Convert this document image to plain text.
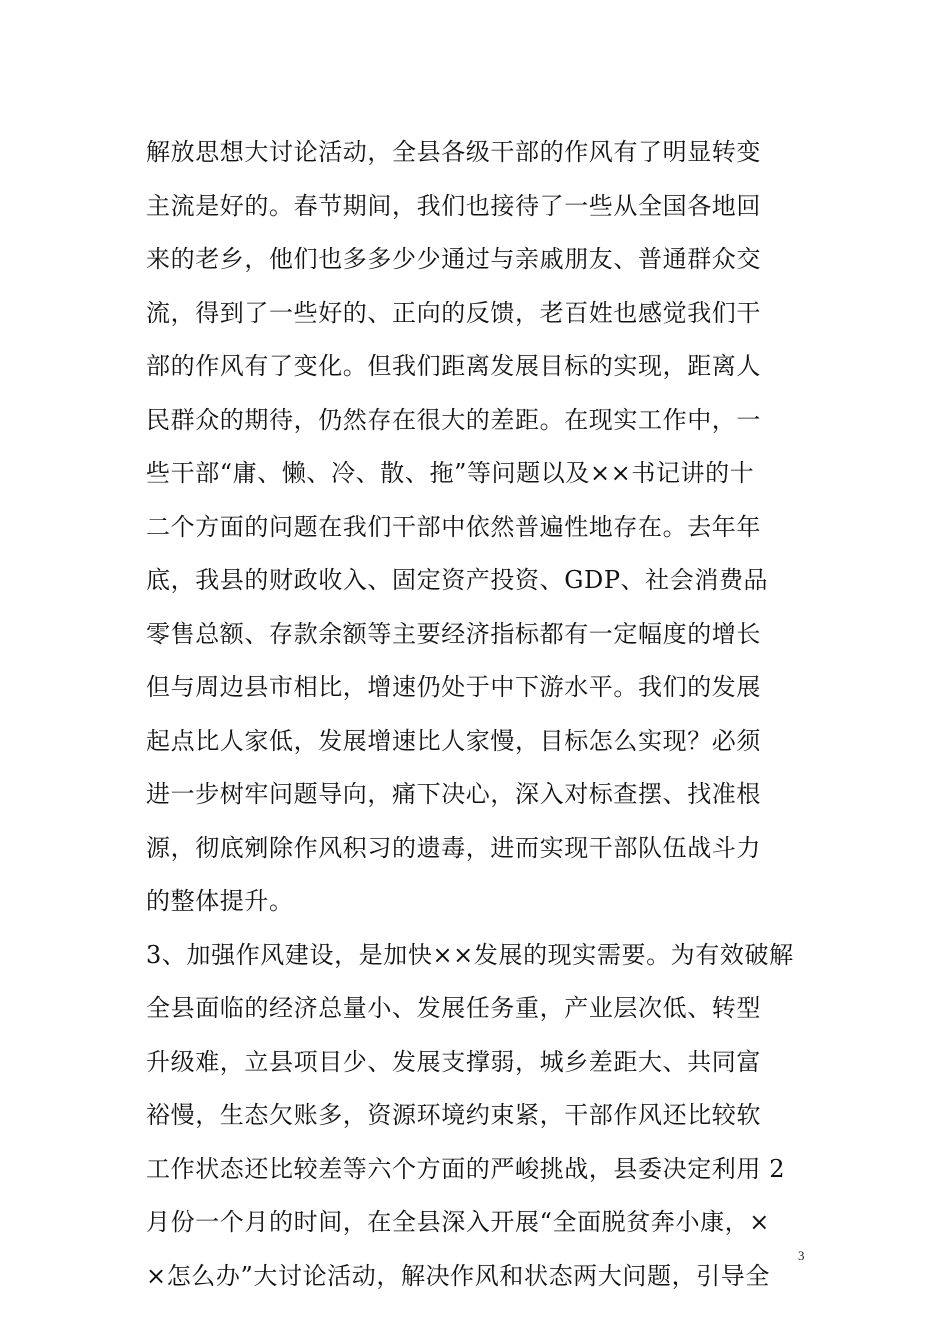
解放思想大讨论活动，全县各级干部的作风有了明显转变
主流是好的。春节期间，我们也接待了一些从全国各地回
来的老乡，他们也多多少少通过与亲戚朋友、普通群众交
流，得到了一些好的、正向的反馈，老百姓也感觉我们干
部的作风有了变化。但我们距离发展目标的实现，距离人
民群众的期待，仍然存在很大的差距。在现实工作中，一
些干部“庸、懒、冷、散、拖”等问题以及××书记讲的十
二个方面的问题在我们干部中依然普遍性地存在。去年年
底，我县的财政收入、固定资产投资、GDP、社会消费品
零售总额、存款余额等主要经济指标都有一定幅度的增长
但与周边县市相比，增速仍处于中下游水平。我们的发展
起点比人家低，发展增速比人家慢，目标怎么实现？必须
进一步树牢问题导向，痛下决心，深入对标查摆、找准根
源，彻底剜除作风积习的遗毒，进而实现干部队伍战斗力
的整体提升。
3、加强作风建设，是加快××发展的现实需要。为有效破解
全县面临的经济总量小、发展任务重，产业层次低、转型
升级难，立县项目少、发展支撑弱，城乡差距大、共同富
裕慢，生态欠账多，资源环境约束紧，干部作风还比较软
工作状态还比较差等六个方面的严峻挑战，县委决定利用 2
月份一个月的时间，在全县深入开展“全面脱贫奔小康，×
×怎么办”大讨论活动，解决作风和状态两大问题，引导全
3
